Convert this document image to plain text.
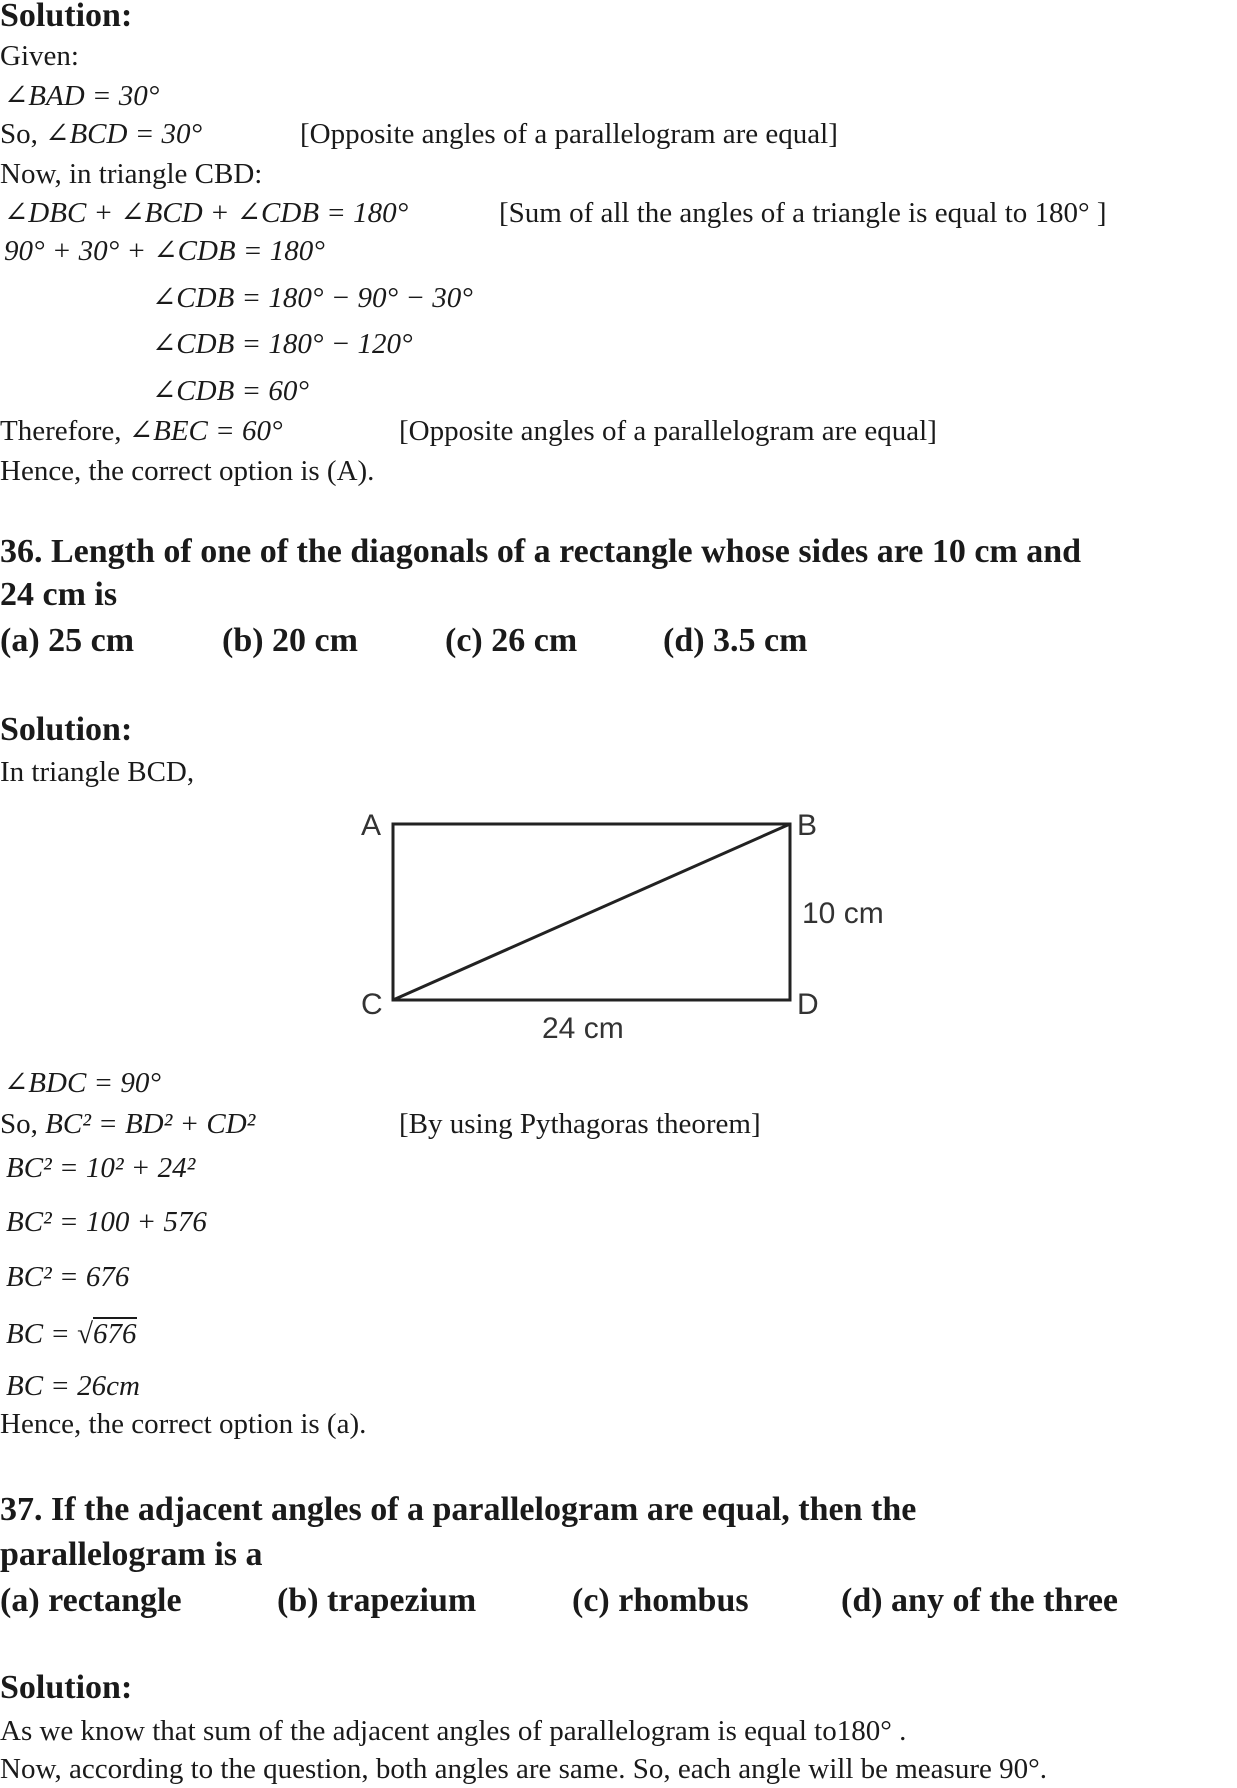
Solution:
Given:
∠BAD = 30°
So, ∠BCD = 30°	[Opposite angles of a parallelogram are equal]
Now, in triangle CBD:
∠DBC + ∠BCD + ∠CDB = 180°	[Sum of all the angles of a triangle is equal to 180° ]
90° + 30° + ∠CDB = 180°
∠CDB = 180° − 90° − 30°
∠CDB = 180° − 120°
∠CDB = 60°
Therefore, ∠BEC = 60°	[Opposite angles of a parallelogram are equal]
Hence, the correct option is (A).
36. Length of one of the diagonals of a rectangle whose sides are 10 cm and
24 cm is
(a) 25 cm	(b) 20 cm	(c) 26 cm	(d) 3.5 cm
Solution:
In triangle BCD,
A	B
C	D
10 cm
24 cm
∠BDC = 90°
So, BC² = BD² + CD²	[By using Pythagoras theorem]
BC² = 10² + 24²
BC² = 100 + 576
BC² = 676
BC = √676
BC = 26cm
Hence, the correct option is (a).
37. If the adjacent angles of a parallelogram are equal, then the
parallelogram is a
(a) rectangle	(b) trapezium	(c) rhombus	(d) any of the three
Solution:
As we know that sum of the adjacent angles of parallelogram is equal to180° .
Now, according to the question, both angles are same. So, each angle will be measure 90°.
